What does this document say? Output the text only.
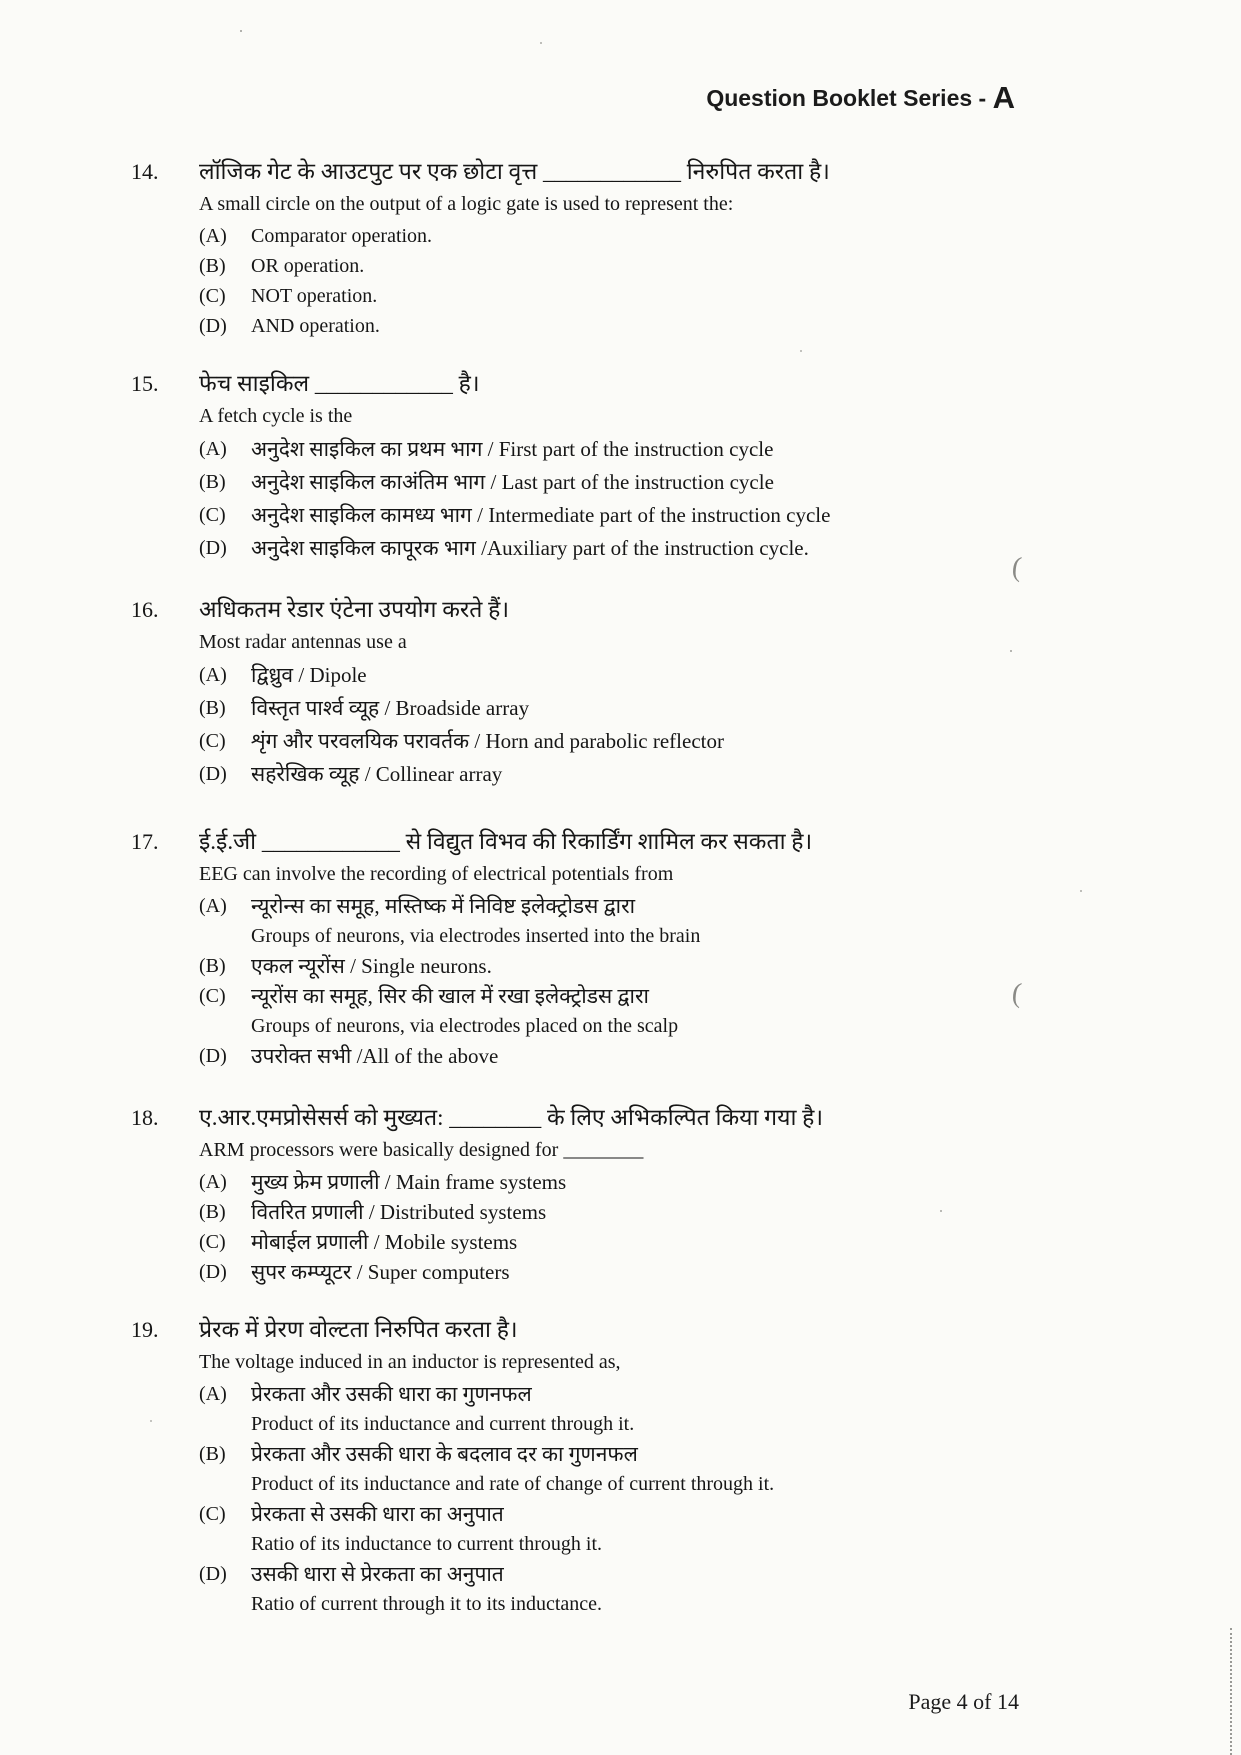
Question Booklet Series - A
14.	लॉजिक गेट के आउटपुट पर एक छोटा वृत्त ____________ निरुपित करता है।
A small circle on the output of a logic gate is used to represent the:
(A)	Comparator operation.
(B)	OR operation.
(C)	NOT operation.
(D)	AND operation.
15.	फेच साइकिल ____________ है।
A fetch cycle is the
(A)	अनुदेश साइकिल का प्रथम भाग / First part of the instruction cycle
(B)	अनुदेश साइकिल काअंतिम भाग / Last part of the instruction cycle
(C)	अनुदेश साइकिल कामध्य भाग / Intermediate part of the instruction cycle
(D)	अनुदेश साइकिल कापूरक भाग /Auxiliary part of the instruction cycle.
16.	अधिकतम रेडार एंटेना उपयोग करते हैं।
Most radar antennas use a
(A)	द्विध्रुव / Dipole
(B)	विस्तृत पार्श्व व्यूह / Broadside array
(C)	शृंग और परवलयिक परावर्तक / Horn and parabolic reflector
(D)	सहरेखिक व्यूह / Collinear array
17.	ई.ई.जी ____________ से विद्युत विभव की रिकार्डिंग शामिल कर सकता है।
EEG can involve the recording of electrical potentials from
(A)	न्यूरोन्स का समूह, मस्तिष्क में निविष्ट इलेक्ट्रोडस द्वारा
Groups of neurons, via electrodes inserted into the brain
(B)	एकल न्यूरोंस / Single neurons.
(C)	न्यूरोंस का समूह, सिर की खाल में रखा इलेक्ट्रोडस द्वारा
Groups of neurons, via electrodes placed on the scalp
(D)	उपरोक्त सभी /All of the above
18.	ए.आर.एमप्रोसेसर्स को मुख्यत: ________ के लिए अभिकल्पित किया गया है।
ARM processors were basically designed for ________
(A)	मुख्य फ्रेम प्रणाली / Main frame systems
(B)	वितरित प्रणाली / Distributed systems
(C)	मोबाईल प्रणाली / Mobile systems
(D)	सुपर कम्प्यूटर / Super computers
19.	प्रेरक में प्रेरण वोल्टता निरुपित करता है।
The voltage induced in an inductor is represented as,
(A)	प्रेरकता और उसकी धारा का गुणनफल
Product of its inductance and current through it.
(B)	प्रेरकता और उसकी धारा के बदलाव दर का गुणनफल
Product of its inductance and rate of change of current through it.
(C)	प्रेरकता से उसकी धारा का अनुपात
Ratio of its inductance to current through it.
(D)	उसकी धारा से प्रेरकता का अनुपात
Ratio of current through it to its inductance.
(
(
Page 4 of 14
